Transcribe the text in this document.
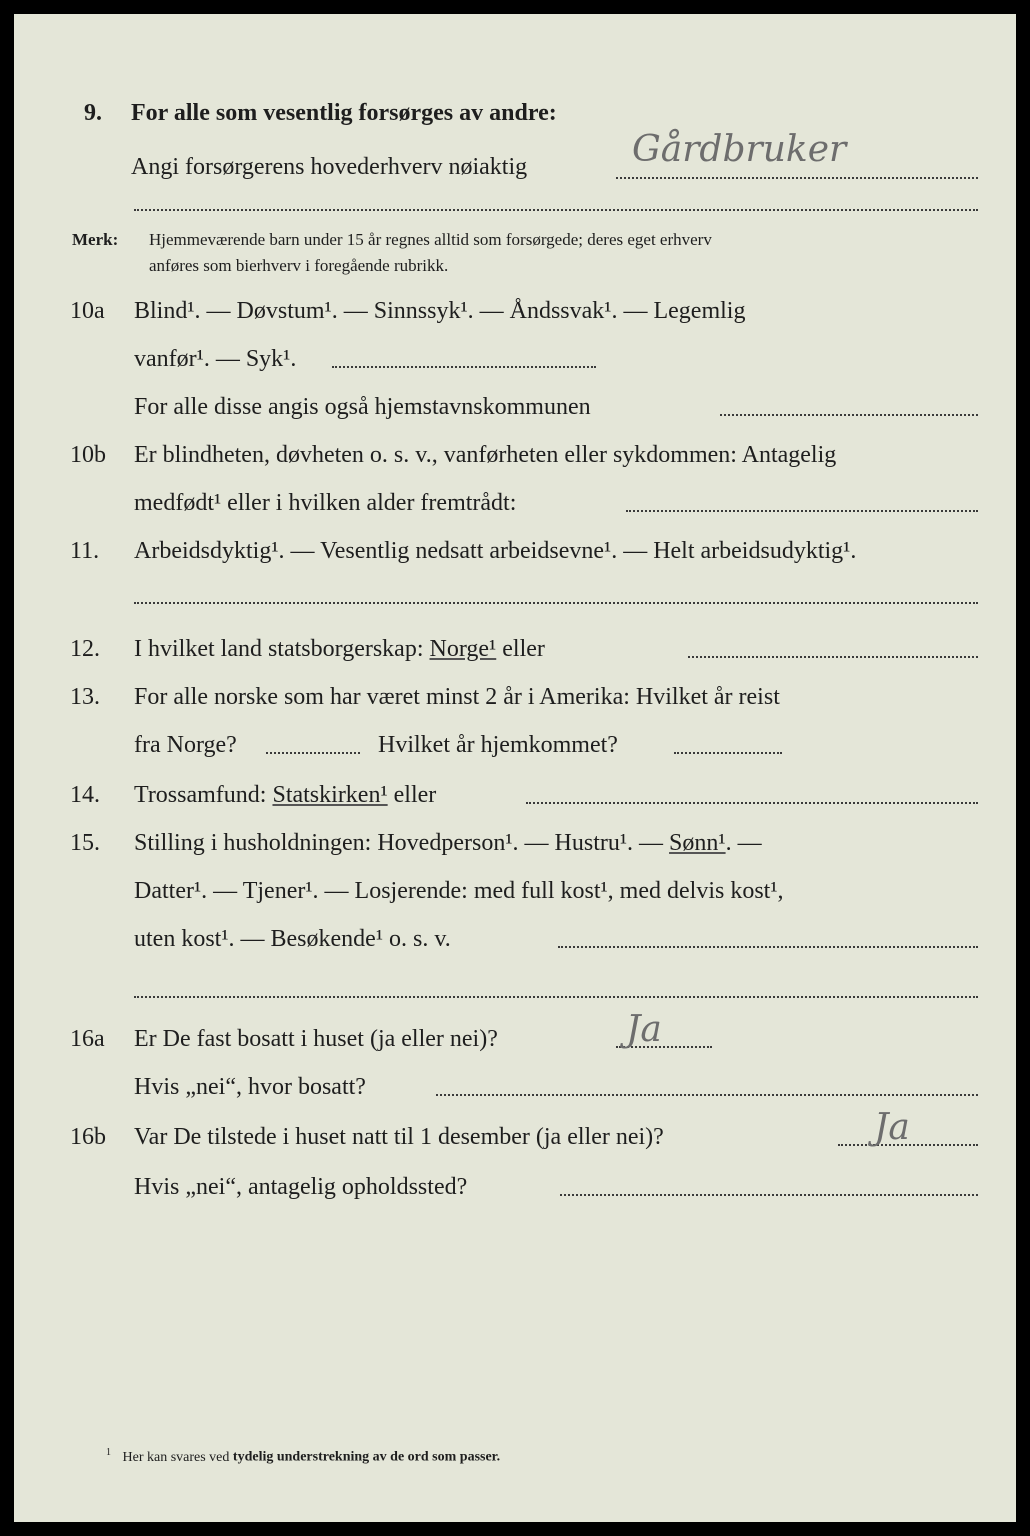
9. For alle som vesentlig forsørges av andre:
Angi forsørgerens hovederhverv nøiaktig	Gårdbruker
Merk: Hjemmeværende barn under 15 år regnes alltid som forsørgede; deres eget erhverv
anføres som bierhverv i foregående rubrikk.
10a Blind¹. — Døvstum¹. — Sinnssyk¹. — Åndssvak¹. — Legemlig
vanfør¹. — Syk¹.
For alle disse angis også hjemstavnskommunen
10b Er blindheten, døvheten o. s. v., vanførheten eller sykdommen: Antagelig
medfødt¹ eller i hvilken alder fremtrådt:
11. Arbeidsdyktig¹. — Vesentlig nedsatt arbeidsevne¹. — Helt arbeidsudyktig¹.
12. I hvilket land statsborgerskap: Norge¹ eller
13. For alle norske som har været minst 2 år i Amerika: Hvilket år reist
fra Norge?	Hvilket år hjemkommet?
14. Trossamfund: Statskirken¹ eller
15. Stilling i husholdningen: Hovedperson¹. — Hustru¹. — Sønn¹. —
Datter¹. — Tjener¹. — Losjerende: med full kost¹, med delvis kost¹,
uten kost¹. — Besøkende¹ o. s. v.
16a Er De fast bosatt i huset (ja eller nei)?	Ja
Hvis „nei“, hvor bosatt?
16b Var De tilstede i huset natt til 1 desember (ja eller nei)?	Ja
Hvis „nei“, antagelig opholdssted?
$^1$ Her kan svares ved tydelig understrekning av de ord som passer.
